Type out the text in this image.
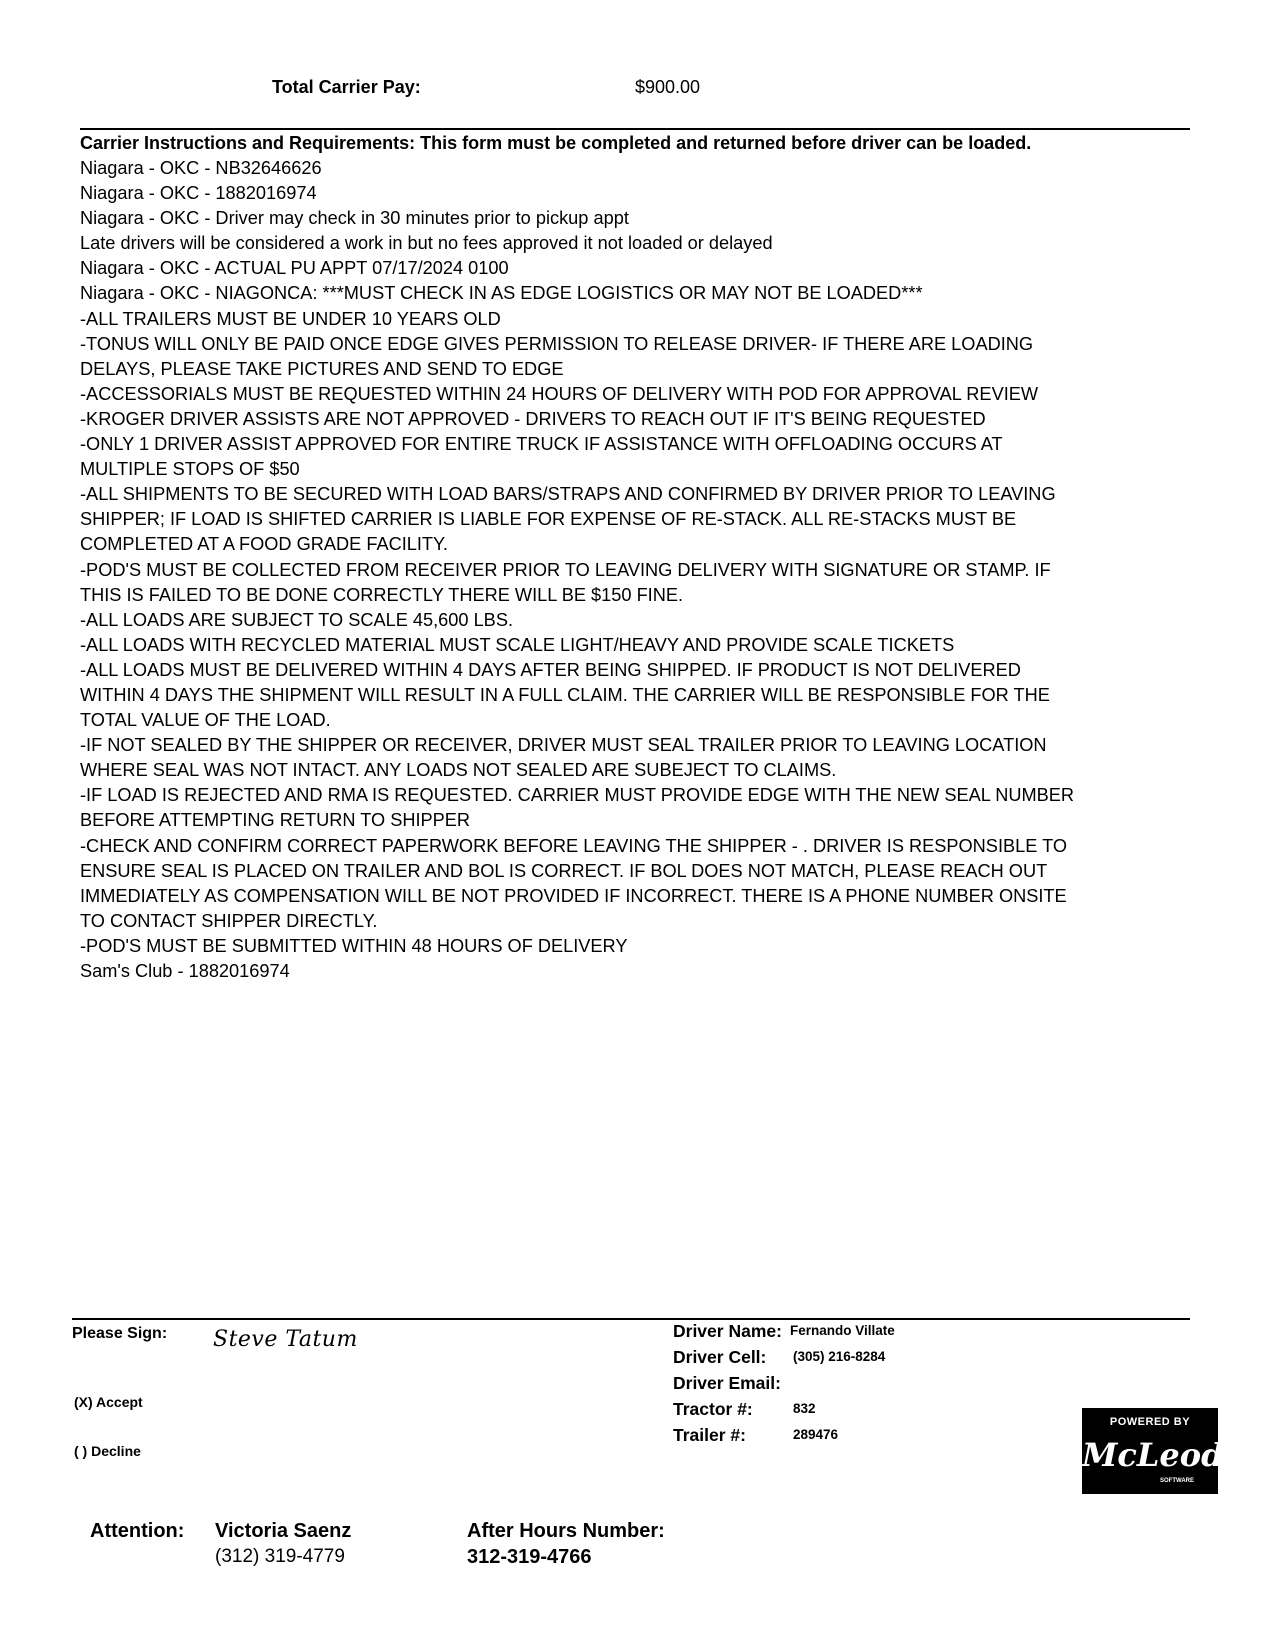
Total Carrier Pay:	$900.00
Carrier Instructions and Requirements: This form must be completed and returned before driver can be loaded.
Niagara - OKC - NB32646626
Niagara - OKC - 1882016974
Niagara - OKC - Driver may check in 30 minutes prior to pickup appt
Late drivers will be considered a work in but no fees approved it not loaded or delayed
Niagara - OKC - ACTUAL PU APPT 07/17/2024 0100
Niagara - OKC - NIAGONCA: ***MUST CHECK IN AS EDGE LOGISTICS OR MAY NOT BE LOADED***
-ALL TRAILERS MUST BE UNDER 10 YEARS OLD
-TONUS WILL ONLY BE PAID ONCE EDGE GIVES PERMISSION TO RELEASE DRIVER- IF THERE ARE LOADING
DELAYS, PLEASE TAKE PICTURES AND SEND TO EDGE
-ACCESSORIALS MUST BE REQUESTED WITHIN 24 HOURS OF DELIVERY WITH POD FOR APPROVAL REVIEW
-KROGER DRIVER ASSISTS ARE NOT APPROVED - DRIVERS TO REACH OUT IF IT'S BEING REQUESTED
-ONLY 1 DRIVER ASSIST APPROVED FOR ENTIRE TRUCK IF ASSISTANCE WITH OFFLOADING OCCURS AT
MULTIPLE STOPS OF $50
-ALL SHIPMENTS TO BE SECURED WITH LOAD BARS/STRAPS AND CONFIRMED BY DRIVER PRIOR TO LEAVING
SHIPPER; IF LOAD IS SHIFTED CARRIER IS LIABLE FOR EXPENSE OF RE-STACK. ALL RE-STACKS MUST BE
COMPLETED AT A FOOD GRADE FACILITY.
-POD'S MUST BE COLLECTED FROM RECEIVER PRIOR TO LEAVING DELIVERY WITH SIGNATURE OR STAMP. IF
THIS IS FAILED TO BE DONE CORRECTLY THERE WILL BE $150 FINE.
-ALL LOADS ARE SUBJECT TO SCALE 45,600 LBS.
-ALL LOADS WITH RECYCLED MATERIAL MUST SCALE LIGHT/HEAVY AND PROVIDE SCALE TICKETS
-ALL LOADS MUST BE DELIVERED WITHIN 4 DAYS AFTER BEING SHIPPED. IF PRODUCT IS NOT DELIVERED
WITHIN 4 DAYS THE SHIPMENT WILL RESULT IN A FULL CLAIM. THE CARRIER WILL BE RESPONSIBLE FOR THE
TOTAL VALUE OF THE LOAD.
-IF NOT SEALED BY THE SHIPPER OR RECEIVER, DRIVER MUST SEAL TRAILER PRIOR TO LEAVING LOCATION
WHERE SEAL WAS NOT INTACT. ANY LOADS NOT SEALED ARE SUBEJECT TO CLAIMS.
-IF LOAD IS REJECTED AND RMA IS REQUESTED. CARRIER MUST PROVIDE EDGE WITH THE NEW SEAL NUMBER
BEFORE ATTEMPTING RETURN TO SHIPPER
-CHECK AND CONFIRM CORRECT PAPERWORK BEFORE LEAVING THE SHIPPER - . DRIVER IS RESPONSIBLE TO
ENSURE SEAL IS PLACED ON TRAILER AND BOL IS CORRECT. IF BOL DOES NOT MATCH, PLEASE REACH OUT
IMMEDIATELY AS COMPENSATION WILL BE NOT PROVIDED IF INCORRECT. THERE IS A PHONE NUMBER ONSITE
TO CONTACT SHIPPER DIRECTLY.
-POD'S MUST BE SUBMITTED WITHIN 48 HOURS OF DELIVERY
Sam's Club - 1882016974
Please Sign: Steve Tatum
(X) Accept
( ) Decline
Driver Name: Fernando Villate
Driver Cell: (305) 216-8284
Driver Email:
Tractor #:	832
Trailer #:	289476
POWERED BY
McLeod
SOFTWARE
Attention: Victoria Saenz
(312) 319-4779
After Hours Number:
312-319-4766
